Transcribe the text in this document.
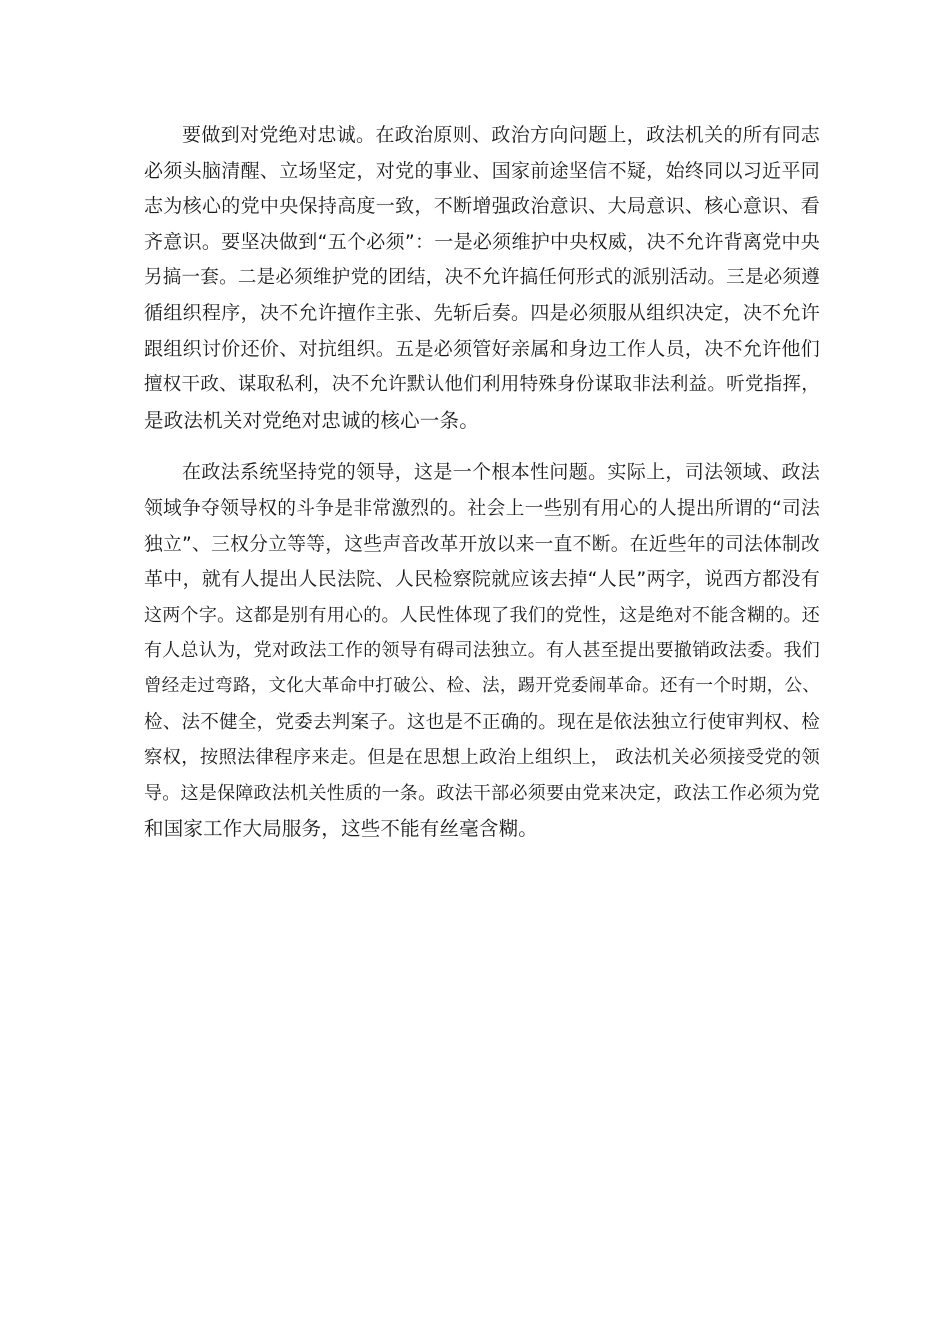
要做到对党绝对忠诚。在政治原则、政治方向问题上，政法机关的所有同志
必须头脑清醒、立场坚定，对党的事业、国家前途坚信不疑，始终同以习近平同
志为核心的党中央保持高度一致，不断增强政治意识、大局意识、核心意识、看
齐意识。要坚决做到“五个必须”：一是必须维护中央权威，决不允许背离党中央
另搞一套。二是必须维护党的团结，决不允许搞任何形式的派别活动。三是必须遵
循组织程序，决不允许擅作主张、先斩后奏。四是必须服从组织决定，决不允许
跟组织讨价还价、对抗组织。五是必须管好亲属和身边工作人员，决不允许他们
擅权干政、谋取私利，决不允许默认他们利用特殊身份谋取非法利益。听党指挥，
是政法机关对党绝对忠诚的核心一条。

在政法系统坚持党的领导，这是一个根本性问题。实际上，司法领域、政法
领域争夺领导权的斗争是非常激烈的。社会上一些别有用心的人提出所谓的“司法
独立”、三权分立等等，这些声音改革开放以来一直不断。在近些年的司法体制改
革中，就有人提出人民法院、人民检察院就应该去掉“人民”两字，说西方都没有
这两个字。这都是别有用心的。人民性体现了我们的党性，这是绝对不能含糊的。还
有人总认为，党对政法工作的领导有碍司法独立。有人甚至提出要撤销政法委。我们
曾经走过弯路，文化大革命中打破公、检、法，踢开党委闹革命。还有一个时期，公、
检、法不健全，党委去判案子。这也是不正确的。现在是依法独立行使审判权、检
察权，按照法律程序来走。但是在思想上政治上组织上， 政法机关必须接受党的领
导。这是保障政法机关性质的一条。政法干部必须要由党来决定，政法工作必须为党
和国家工作大局服务，这些不能有丝毫含糊。
